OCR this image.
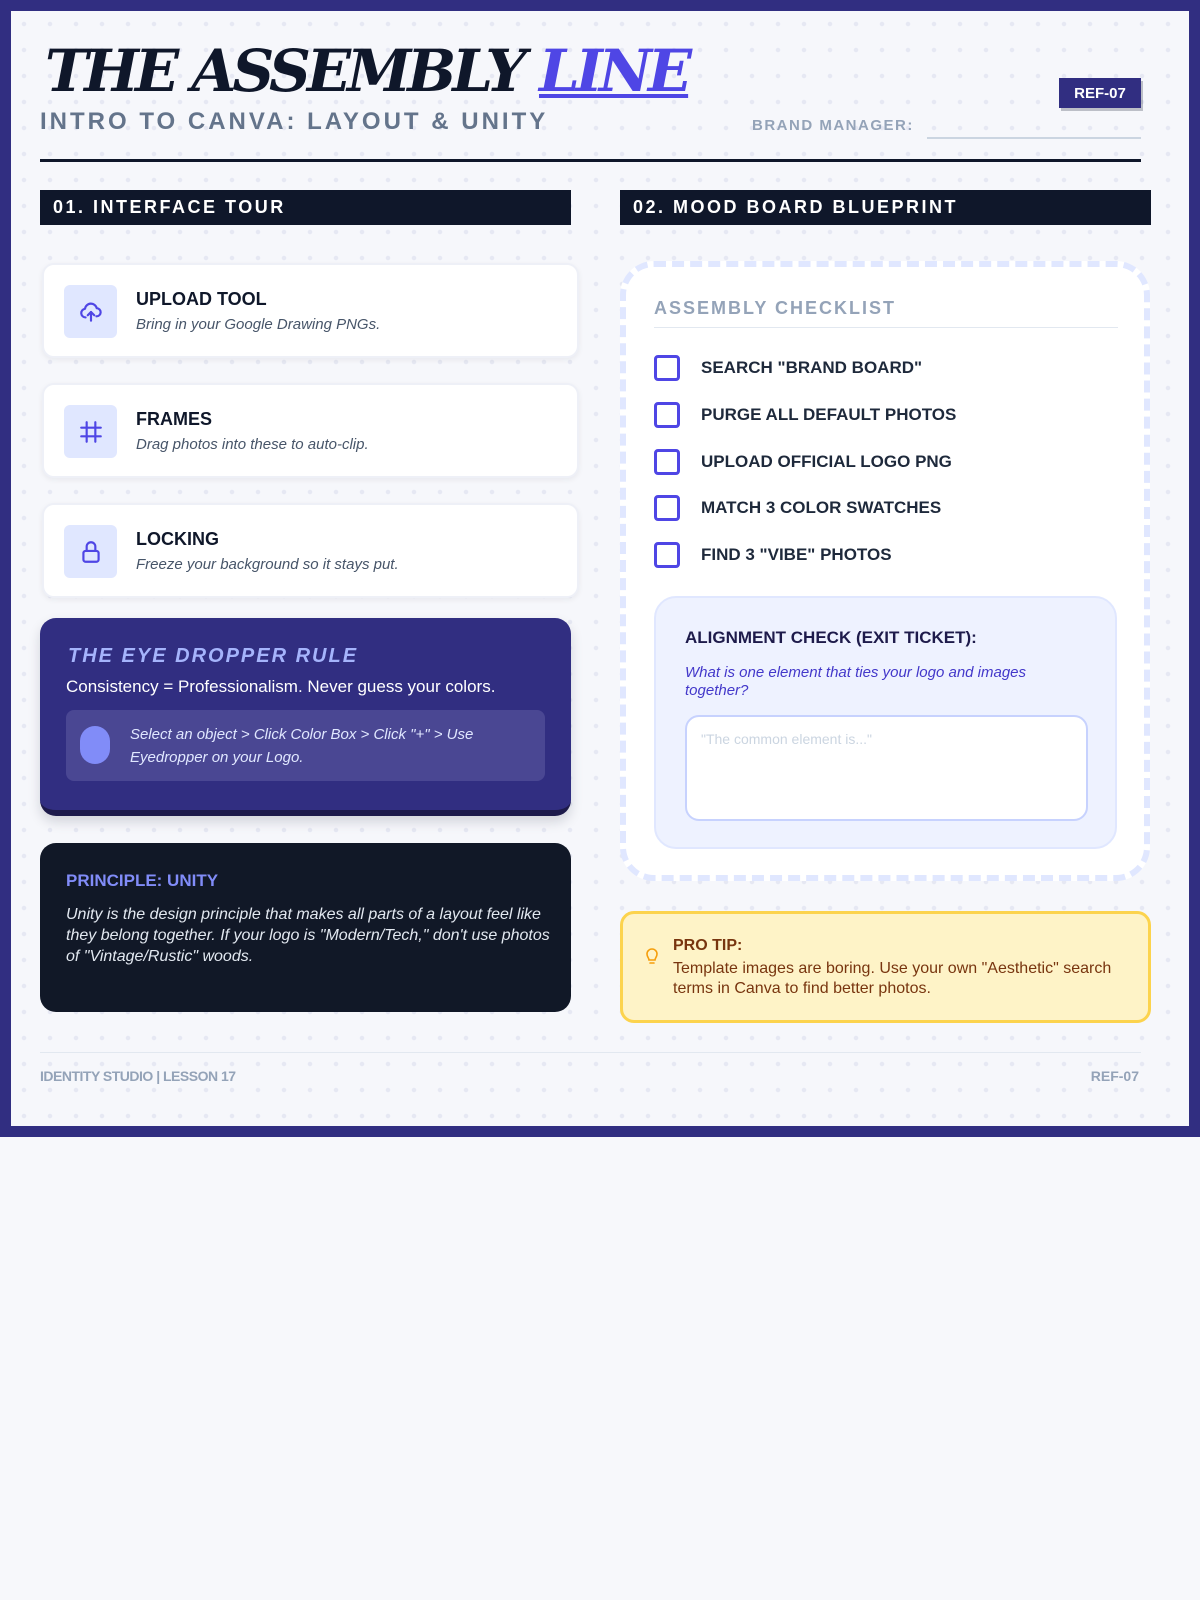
THE ASSEMBLY LINE
INTRO TO CANVA: LAYOUT & UNITY
REF-07
BRAND MANAGER:
01. INTERFACE TOUR
UPLOAD TOOL
Bring in your Google Drawing PNGs.
FRAMES
Drag photos into these to auto-clip.
LOCKING
Freeze your background so it stays put.
THE EYE DROPPER RULE
Consistency = Professionalism. Never guess your colors.
Select an object > Click Color Box > Click "+" > Use Eyedropper on your Logo.
PRINCIPLE: UNITY
Unity is the design principle that makes all parts of a layout feel like they belong together. If your logo is "Modern/Tech," don't use photos of "Vintage/Rustic" woods.
02. MOOD BOARD BLUEPRINT
ASSEMBLY CHECKLIST
SEARCH "BRAND BOARD"
PURGE ALL DEFAULT PHOTOS
UPLOAD OFFICIAL LOGO PNG
MATCH 3 COLOR SWATCHES
FIND 3 "VIBE" PHOTOS
ALIGNMENT CHECK (EXIT TICKET):
What is one element that ties your logo and images together?
"The common element is..."
PRO TIP:
Template images are boring. Use your own "Aesthetic" search terms in Canva to find better photos.
IDENTITY STUDIO | LESSON 17	REF-07
